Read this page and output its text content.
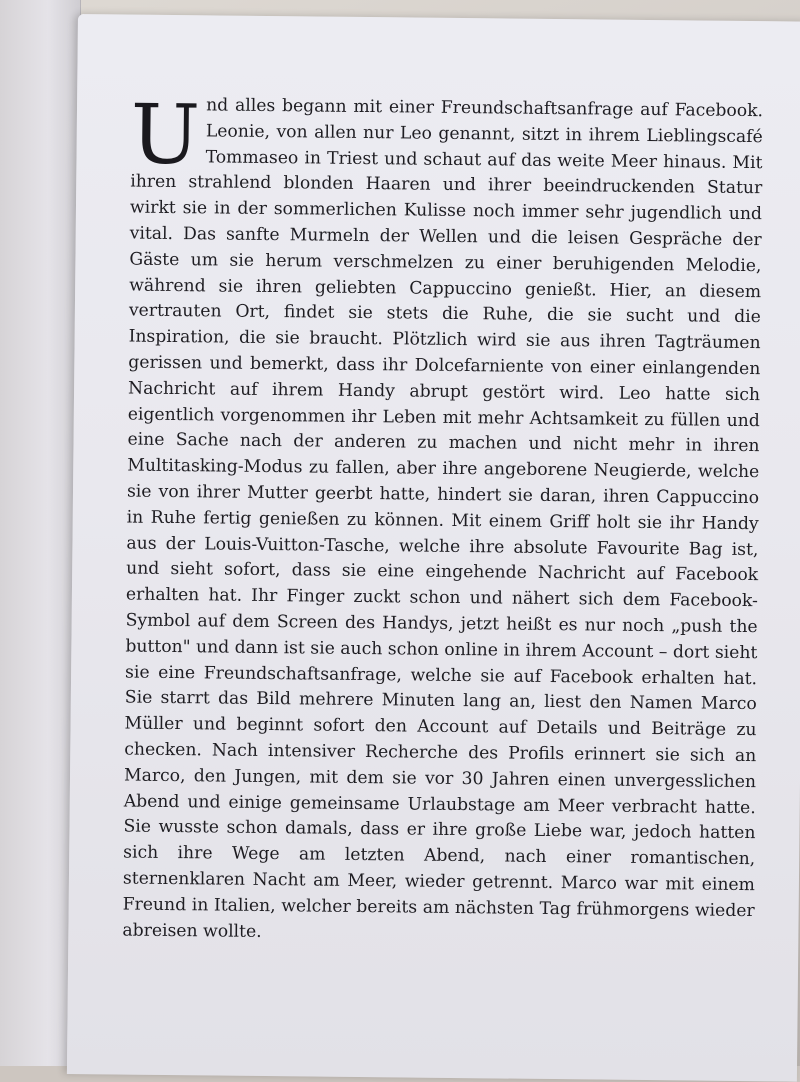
Und alles begann mit einer Freundschaftsanfrage auf Facebook. Leonie, von allen nur Leo genannt, sitzt in ihrem Lieblingscafé Tommaseo in Triest und schaut auf das weite Meer hinaus. Mit ihren strahlend blonden Haaren und ihrer beeindruckenden Statur wirkt sie in der sommerlichen Kulisse noch immer sehr jugendlich und vital. Das sanfte Murmeln der Wellen und die leisen Gespräche der Gäste um sie herum verschmelzen zu einer beruhigenden Melodie, während sie ihren geliebten Cappuccino genießt. Hier, an diesem vertrauten Ort, findet sie stets die Ruhe, die sie sucht und die Inspiration, die sie braucht. Plötzlich wird sie aus ihren Tagträumen gerissen und bemerkt, dass ihr Dolcefarniente von einer einlangenden Nachricht auf ihrem Handy abrupt gestört wird. Leo hatte sich eigentlich vorgenommen ihr Leben mit mehr Achtsamkeit zu füllen und eine Sache nach der anderen zu machen und nicht mehr in ihren Multitasking-Modus zu fallen, aber ihre angeborene Neugierde, welche sie von ihrer Mutter geerbt hatte, hindert sie daran, ihren Cappuccino in Ruhe fertig genießen zu können. Mit einem Griff holt sie ihr Handy aus der Louis-Vuitton-Tasche, welche ihre absolute Favourite Bag ist, und sieht sofort, dass sie eine eingehende Nachricht auf Facebook erhalten hat. Ihr Finger zuckt schon und nähert sich dem Facebook-Symbol auf dem Screen des Handys, jetzt heißt es nur noch „push the button" und dann ist sie auch schon online in ihrem Account – dort sieht sie eine Freundschaftsanfrage, welche sie auf Facebook erhalten hat. Sie starrt das Bild mehrere Minuten lang an, liest den Namen Marco Müller und beginnt sofort den Account auf Details und Beiträge zu checken. Nach intensiver Recherche des Profils erinnert sie sich an Marco, den Jungen, mit dem sie vor 30 Jahren einen unvergesslichen Abend und einige gemeinsame Urlaubstage am Meer verbracht hatte. Sie wusste schon damals, dass er ihre große Liebe war, jedoch hatten sich ihre Wege am letzten Abend, nach einer romantischen, sternenklaren Nacht am Meer, wieder getrennt. Marco war mit einem Freund in Italien, welcher bereits am nächsten Tag frühmorgens wieder abreisen wollte.
